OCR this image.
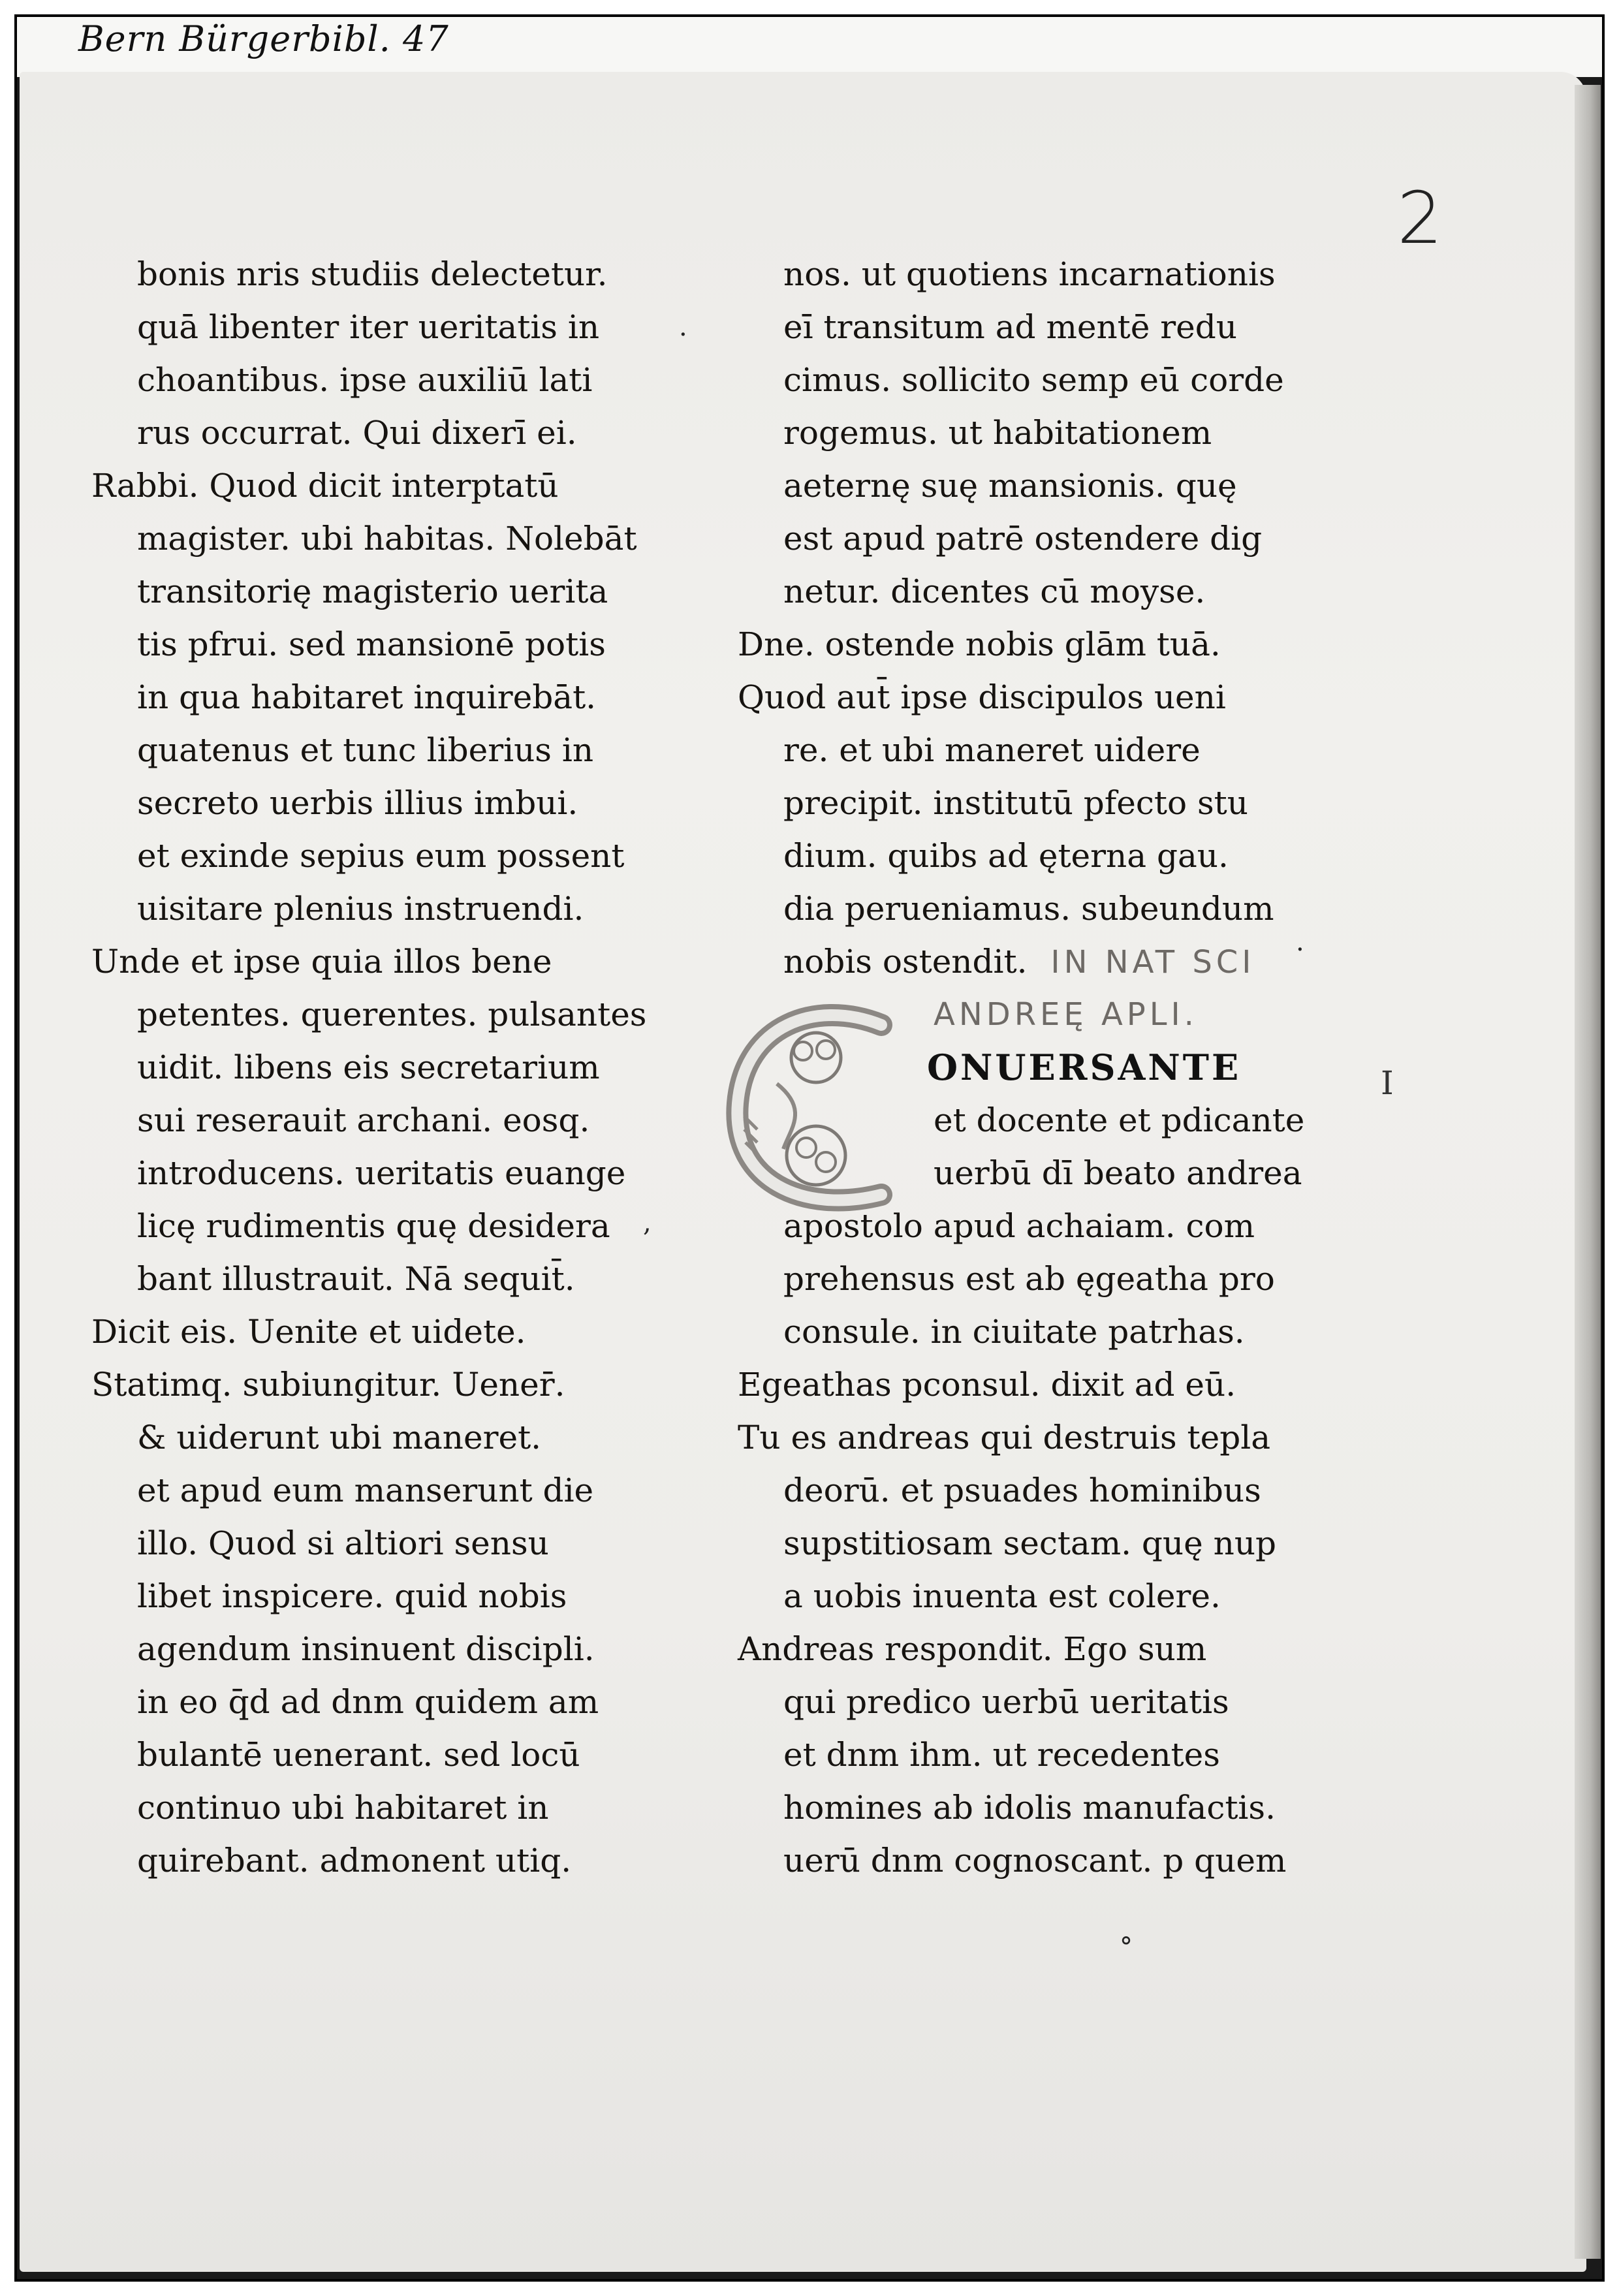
Bern Bürgerbibl. 47
2
bonis nris studiis delectetur.
quā libenter iter ueritatis in
choantibus. ipse auxiliū lati
rus occurrat. Qui dixerī ei.
Rabbi. Quod dicit interptatū
magister. ubi habitas. Nolebāt
transitorię magisterio uerita
tis pfrui. sed mansionē potis
in qua habitaret inquirebāt.
quatenus et tunc liberius in
secreto uerbis illius imbui.
et exinde sepius eum possent
uisitare plenius instruendi.
Unde et ipse quia illos bene
petentes. querentes. pulsantes
uidit. libens eis secretarium
sui reserauit archani. eosq.
introducens. ueritatis euange
licę rudimentis quę desidera
bant illustrauit. Nā sequit̄.
Dicit eis. Uenite et uidete.
Statimq. subiungitur. Uener̄.
& uiderunt ubi maneret.
et apud eum manserunt die
illo. Quod si altiori sensu
libet inspicere. quid nobis
agendum insinuent discipli.
in eo q̄d ad dnm quidem am
bulantē uenerant. sed locū
continuo ubi habitaret in
quirebant. admonent utiq.
nos. ut quotiens incarnationis
eī transitum ad mentē redu
cimus. sollicito semp eū corde
rogemus. ut habitationem
aeternę suę mansionis. quę
est apud patrē ostendere dig
netur. dicentes cū moyse.
Dne. ostende nobis glām tuā.
Quod aut̄ ipse discipulos ueni
re. et ubi maneret uidere
precipit. institutū pfecto stu
dium. quibs ad ęterna gau.
dia perueniamus. subeundum
nobis ostendit. IN NAT SCI
ANDREĘ APLI.
ONUERSANTE
et docente et pdicante
uerbū dī beato andrea
apostolo apud achaiam. com
prehensus est ab ęgeatha pro
consule. in ciuitate patrhas.
Egeathas pconsul. dixit ad eū.
Tu es andreas qui destruis tepla
deorū. et psuades hominibus
supstitiosam sectam. quę nup
a uobis inuenta est colere.
Andreas respondit. Ego sum
qui predico uerbū ueritatis
et dnm ihm. ut recedentes
homines ab idolis manufactis.
uerū dnm cognoscant. p quem
I
·
,
.
°
